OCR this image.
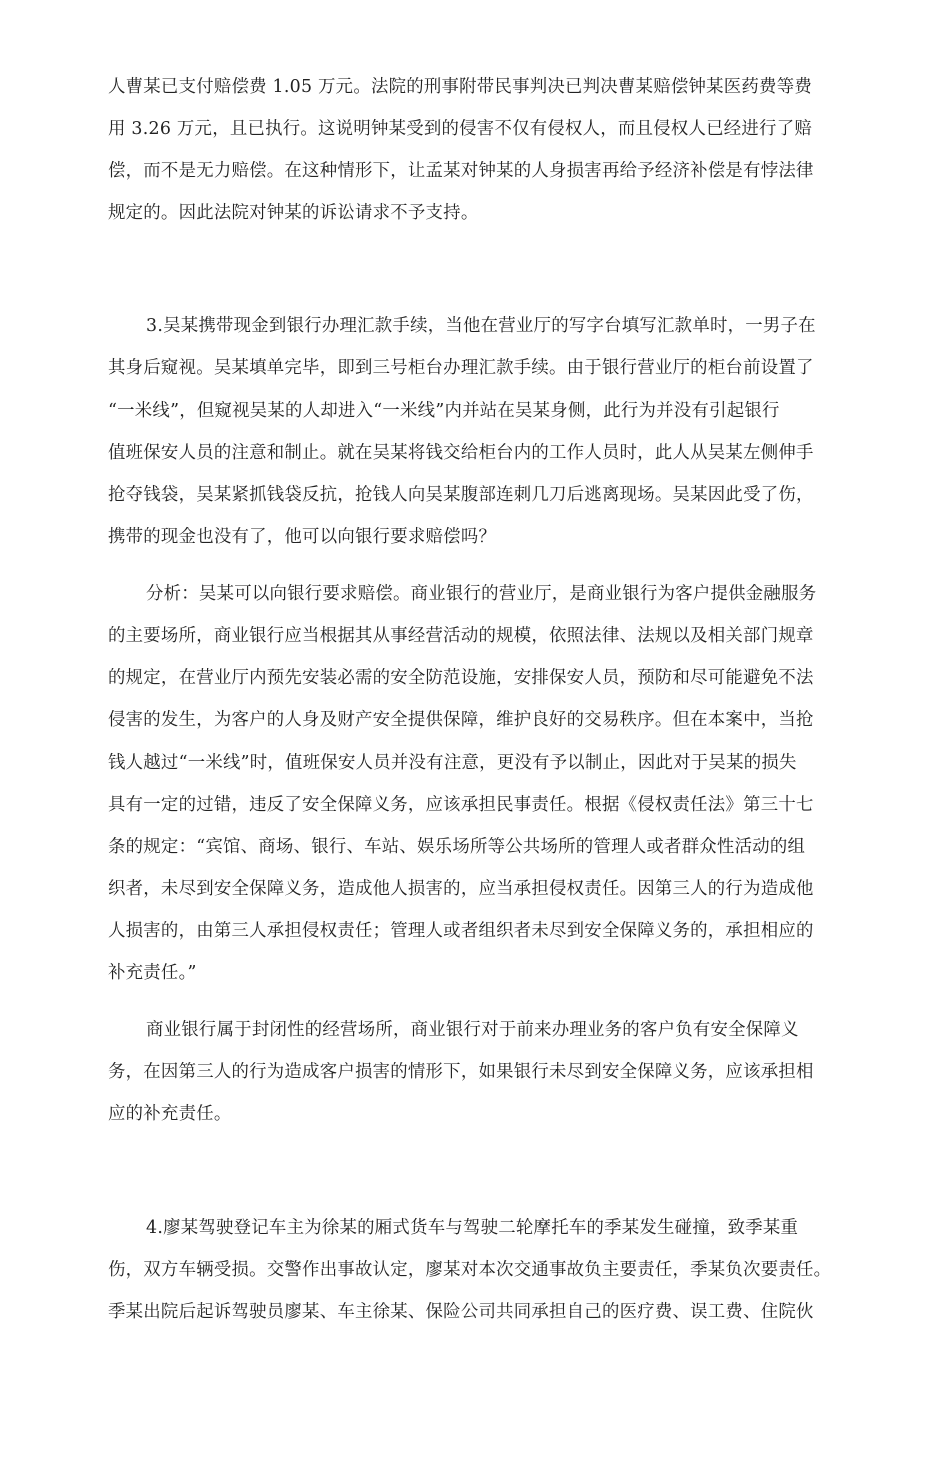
人曹某已支付赔偿费 1.05 万元。法院的刑事附带民事判决已判决曹某赔偿钟某医药费等费

用 3.26 万元，且已执行。这说明钟某受到的侵害不仅有侵权人，而且侵权人已经进行了赔

偿，而不是无力赔偿。在这种情形下，让孟某对钟某的人身损害再给予经济补偿是有悖法律

规定的。因此法院对钟某的诉讼请求不予支持。

3.吴某携带现金到银行办理汇款手续，当他在营业厅的写字台填写汇款单时，一男子在

其身后窥视。吴某填单完毕，即到三号柜台办理汇款手续。由于银行营业厅的柜台前设置了

“一米线”，但窥视吴某的人却进入“一米线”内并站在吴某身侧，此行为并没有引起银行

值班保安人员的注意和制止。就在吴某将钱交给柜台内的工作人员时，此人从吴某左侧伸手

抢夺钱袋，吴某紧抓钱袋反抗，抢钱人向吴某腹部连刺几刀后逃离现场。吴某因此受了伤，

携带的现金也没有了，他可以向银行要求赔偿吗？

分析：吴某可以向银行要求赔偿。商业银行的营业厅，是商业银行为客户提供金融服务

的主要场所，商业银行应当根据其从事经营活动的规模，依照法律、法规以及相关部门规章

的规定，在营业厅内预先安装必需的安全防范设施，安排保安人员，预防和尽可能避免不法

侵害的发生，为客户的人身及财产安全提供保障，维护良好的交易秩序。但在本案中，当抢

钱人越过“一米线”时，值班保安人员并没有注意，更没有予以制止，因此对于吴某的损失

具有一定的过错，违反了安全保障义务，应该承担民事责任。根据《侵权责任法》第三十七

条的规定：“宾馆、商场、银行、车站、娱乐场所等公共场所的管理人或者群众性活动的组

织者，未尽到安全保障义务，造成他人损害的，应当承担侵权责任。因第三人的行为造成他

人损害的，由第三人承担侵权责任；管理人或者组织者未尽到安全保障义务的，承担相应的

补充责任。”

商业银行属于封闭性的经营场所，商业银行对于前来办理业务的客户负有安全保障义

务，在因第三人的行为造成客户损害的情形下，如果银行未尽到安全保障义务，应该承担相

应的补充责任。

4.廖某驾驶登记车主为徐某的厢式货车与驾驶二轮摩托车的季某发生碰撞，致季某重

伤，双方车辆受损。交警作出事故认定，廖某对本次交通事故负主要责任，季某负次要责任。

季某出院后起诉驾驶员廖某、车主徐某、保险公司共同承担自己的医疗费、误工费、住院伙
